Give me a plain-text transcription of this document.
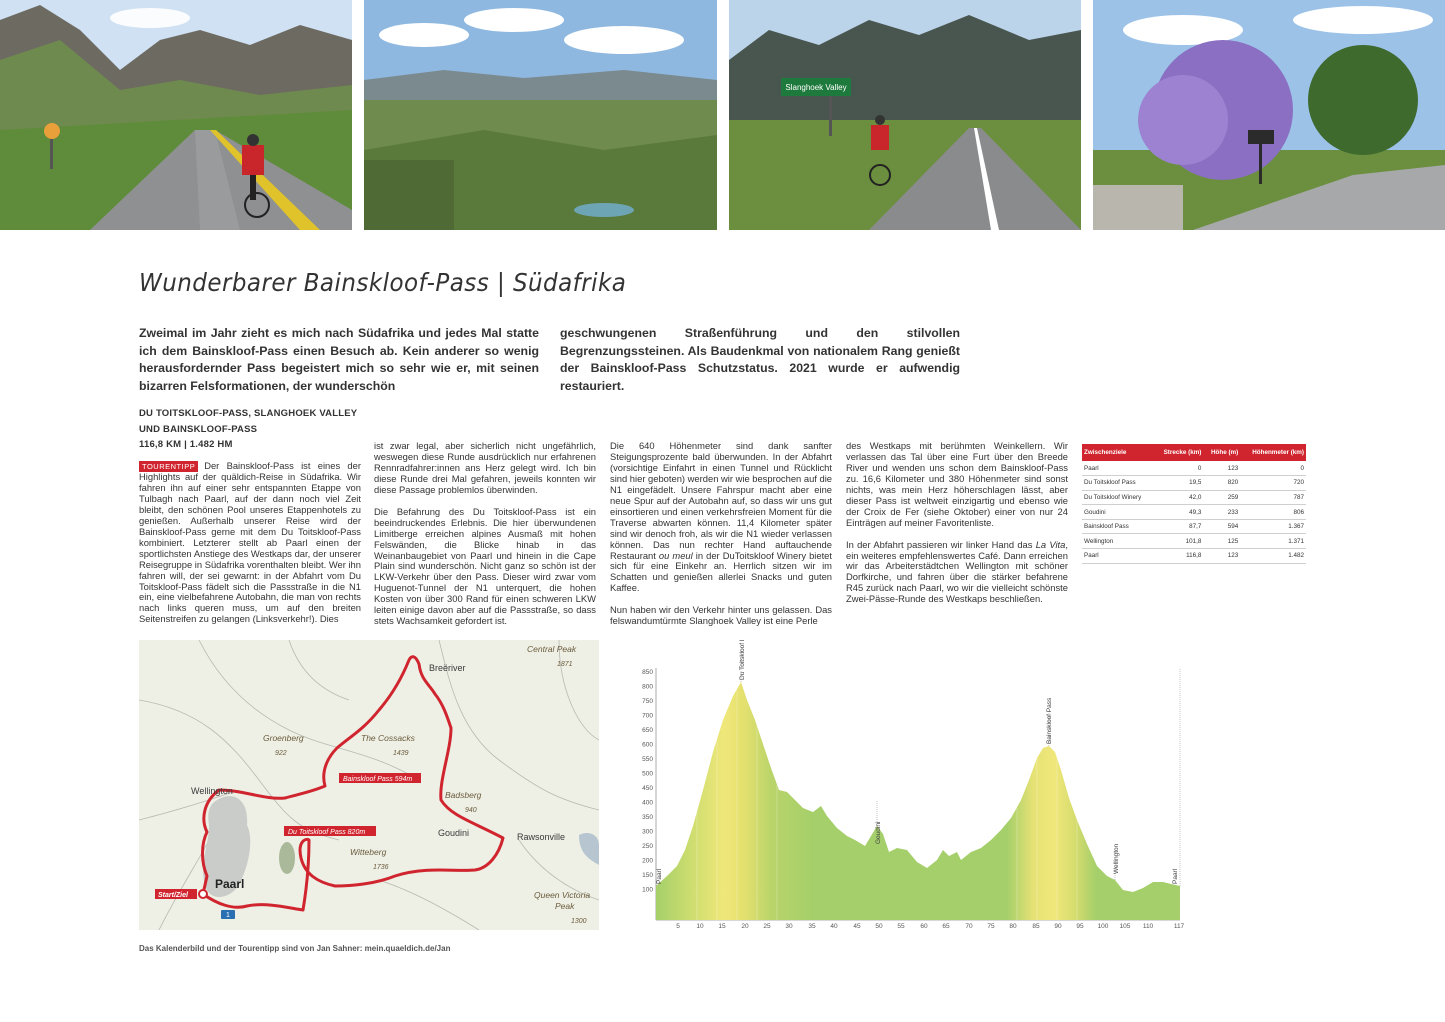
Slanghoek Valley
Wunderbarer Bainskloof-Pass | Südafrika

Zweimal im Jahr zieht es mich nach Südafrika und jedes Mal statte ich dem Bainskloof-Pass einen Besuch ab. Kein anderer so wenig herausfordernder Pass begeistert mich so sehr wie er, mit seinen bizarren Felsformationen, der wunderschön

geschwungenen Straßenführung und den stilvollen Begrenzungssteinen. Als Baudenkmal von nationalem Rang genießt der Bainskloof-Pass Schutzstatus. 2021 wurde er aufwendig restauriert.

DU TOITSKLOOF-PASS, SLANGHOEK VALLEY
UND BAINSKLOOF-PASS
116,8 KM | 1.482 HM

TOURENTIPP Der Bainskloof-Pass ist eines der Highlights auf der quäldich-Reise in Südafrika. Wir fahren ihn auf einer sehr entspannten Etappe von Tulbagh nach Paarl, auf der dann noch viel Zeit bleibt, den schönen Pool unseres Etappenhotels zu genießen. Außerhalb unserer Reise wird der Bainskloof-Pass gerne mit dem Du Toitskloof-Pass kombiniert. Letzterer stellt ab Paarl einen der sportlichsten Anstiege des Westkaps dar, der unserer Reisegruppe in Südafrika vorenthalten bleibt. Wer ihn fahren will, der sei gewarnt: in der Abfahrt vom Du Toitskloof-Pass fädelt sich die Passstraße in die N1 ein, eine vielbefahrene Autobahn, die man von rechts nach links queren muss, um auf den breiten Seitenstreifen zu gelangen (Linksverkehr!). Dies

ist zwar legal, aber sicherlich nicht ungefährlich, weswegen diese Runde ausdrücklich nur erfahrenen Rennradfahrer:innen ans Herz gelegt wird. Ich bin diese Runde drei Mal gefahren, jeweils konnten wir diese Passage problemlos überwinden.

Die Befahrung des Du Toitskloof-Pass ist ein beeindruckendes Erlebnis. Die hier überwundenen Limitberge erreichen alpines Ausmaß mit hohen Felswänden, die Blicke hinab in das Weinanbaugebiet von Paarl und hinein in die Cape Plain sind wunderschön. Nicht ganz so schön ist der LKW-Verkehr über den Pass. Dieser wird zwar vom Huguenot-Tunnel der N1 unterquert, die hohen Kosten von über 300 Rand für einen schweren LKW leiten einige davon aber auf die Passstraße, so dass stets Wachsamkeit gefordert ist.

Die 640 Höhenmeter sind dank sanfter Steigungsprozente bald überwunden. In der Abfahrt (vorsichtige Einfahrt in einen Tunnel und Rücklicht sind hier geboten) werden wir wie besprochen auf die N1 eingefädelt. Unsere Fahrspur macht aber eine neue Spur auf der Autobahn auf, so dass wir uns gut einsortieren und einen verkehrsfreien Moment für die Traverse abwarten können. 11,4 Kilometer später sind wir denoch froh, als wir die N1 wieder verlassen können. Das nun rechter Hand auftauchende Restaurant ou meul in der DuToitskloof Winery bietet sich für eine Einkehr an. Herrlich sitzen wir im Schatten und genießen allerlei Snacks und guten Kaffee.

Nun haben wir den Verkehr hinter uns gelassen. Das felswandumtürmte Slanghoek Valley ist eine Perle

des Westkaps mit berühmten Weinkellern. Wir verlassen das Tal über eine Furt über den Breede River und wenden uns schon dem Bainskloof-Pass zu. 16,6 Kilometer und 380 Höhenmeter sind sonst nichts, was mein Herz höherschlagen lässt, aber dieser Pass ist weltweit einzigartig und ebenso wie der Croix de Fer (siehe Oktober) einer von nur 24 Einträgen auf meiner Favoritenliste.

In der Abfahrt passieren wir linker Hand das La Vita, ein weiteres empfehlenswertes Café. Dann erreichen wir das Arbeiterstädtchen Wellington mit schöner Dorfkirche, und fahren über die stärker befahrene R45 zurück nach Paarl, wo wir die vielleicht schönste Zwei-Pässe-Runde des Westkaps beschließen.

Zwischenziele	Strecke (km)	Höhe (m)	Höhenmeter (km)
Paarl	0	123	0
Du Toitskloof Pass	19,5	820	720
Du Toitskloof Winery	42,0	259	787
Goudini	49,3	233	806
Bainskloof Pass	87,7	594	1.367
Wellington	101,8	125	1.371
Paarl	116,8	123	1.482
1
Bainskloof Pass 594m
Du Toitskloof Pass 820m
Start/Ziel
Central Peak
1871
Breëriver
Groenberg
922
The Cossacks
1439
Wellington	Badsberg
940
Goudini	Rawsonville
Witteberg
1736
Paarl
Queen Victoria
Peak
1300
Paarl
Du Toitskloof Pass
Goudini
Bainskloof Pass
Wellington
Paarl
850
800
750
700
650
600
550
500
450
400
350
300
250
200
150
100
5	10 15 20 25 30 35 40 45 50 55 60 65 70 75 80 85 90 95 100 105 110	117
Das Kalenderbild und der Tourentipp sind von Jan Sahner: mein.quaeldich.de/Jan
